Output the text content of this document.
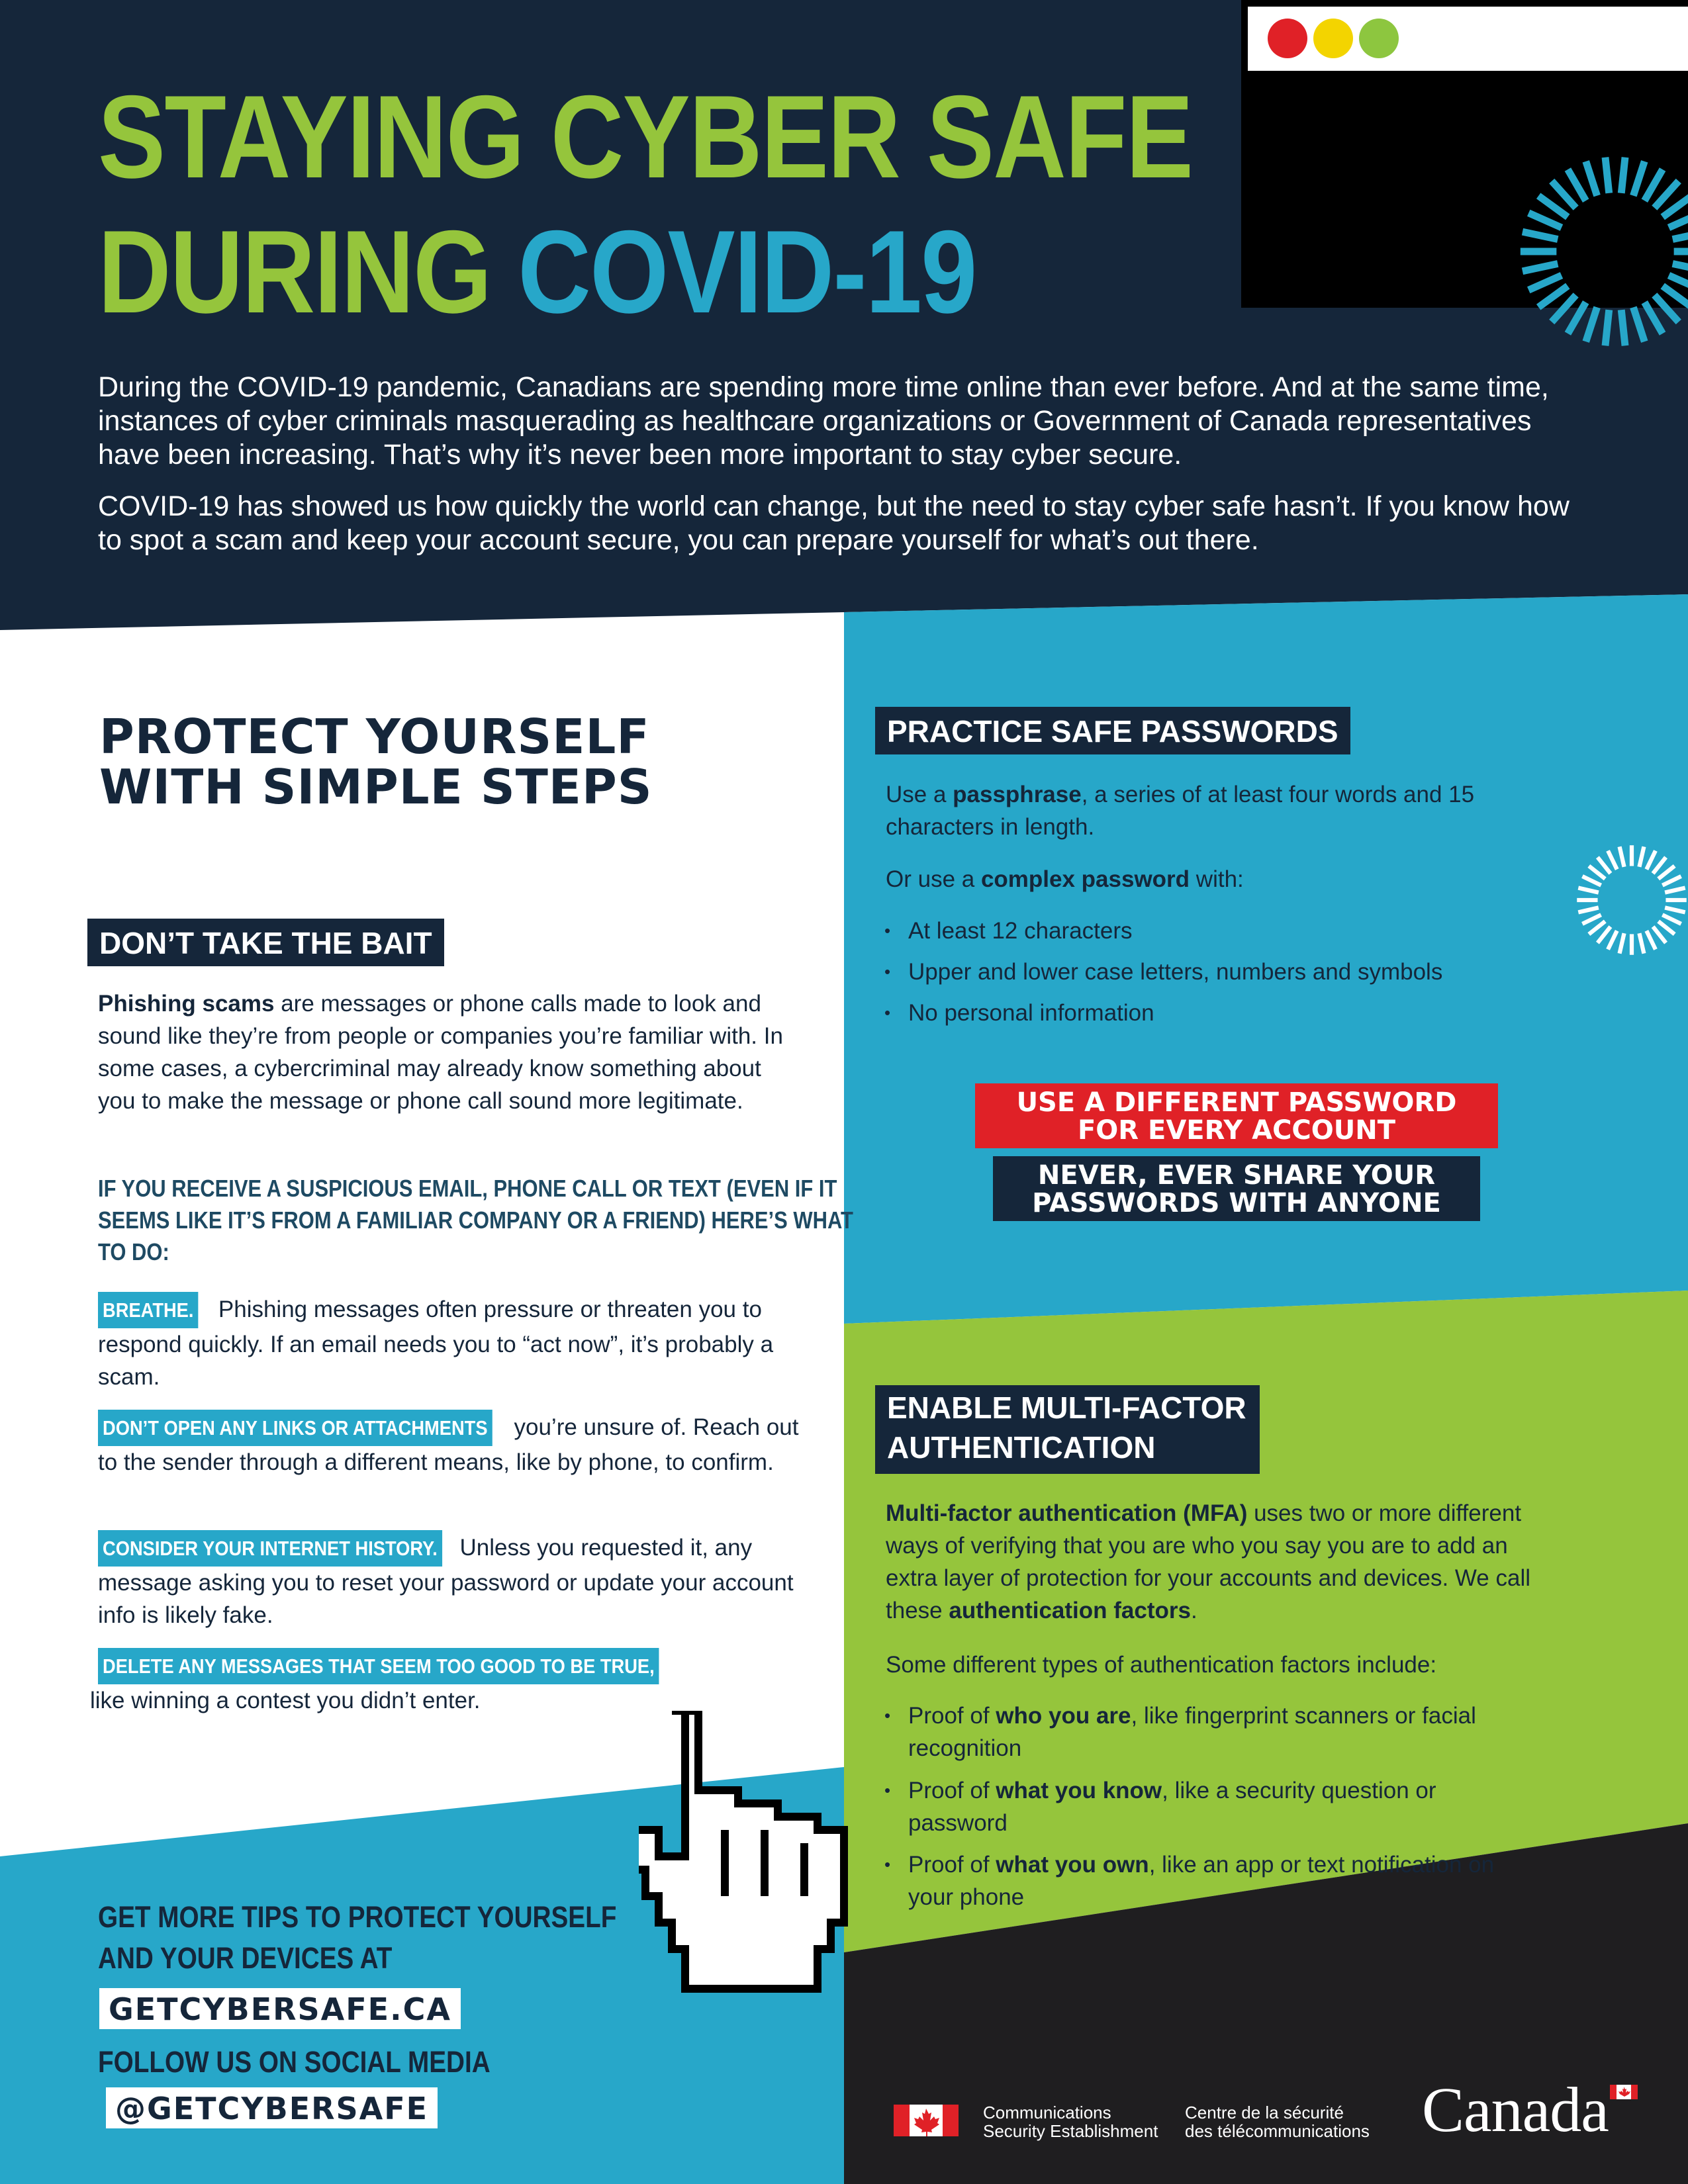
STAYING CYBER SAFE
DURING COVID-19

During the COVID-19 pandemic, Canadians are spending more time online than ever before. And at the same time, instances of cyber criminals masquerading as healthcare organizations or Government of Canada representatives have been increasing. That’s why it’s never been more important to stay cyber secure.

COVID-19 has showed us how quickly the world can change, but the need to stay cyber safe hasn’t. If you know how to spot a scam and keep your account secure, you can prepare yourself for what’s out there.

PROTECT YOURSELF WITH SIMPLE STEPS
DON’T TAKE THE BAIT

Phishing scams are messages or phone calls made to look and sound like they’re from people or companies you’re familiar with. In some cases, a cybercriminal may already know something about you to make the message or phone call sound more legitimate.

IF YOU RECEIVE A SUSPICIOUS EMAIL, PHONE CALL OR TEXT (EVEN IF IT SEEMS LIKE IT’S FROM A FAMILIAR COMPANY OR A FRIEND) HERE’S WHAT TO DO:

BREATHE. Phishing messages often pressure or threaten you to respond quickly. If an email needs you to “act now”, it’s probably a scam.

DON’T OPEN ANY LINKS OR ATTACHMENTS you’re unsure of. Reach out to the sender through a different means, like by phone, to confirm.

CONSIDER YOUR INTERNET HISTORY. Unless you requested it, any message asking you to reset your password or update your account info is likely fake.

DELETE ANY MESSAGES THAT SEEM TOO GOOD TO BE TRUE,
like winning a contest you didn’t enter.

PRACTICE SAFE PASSWORDS

Use a passphrase, a series of at least four words and 15 characters in length.

Or use a complex password with:

• At least 12 characters
• Upper and lower case letters, numbers and symbols
• No personal information
USE A DIFFERENT PASSWORD
FOR EVERY ACCOUNT
NEVER, EVER SHARE YOUR
PASSWORDS WITH ANYONE
ENABLE MULTI-FACTOR
AUTHENTICATION

Multi-factor authentication (MFA) uses two or more different ways of verifying that you are who you say you are to add an extra layer of protection for your accounts and devices. We call these authentication factors.

Some different types of authentication factors include:

• Proof of who you are, like fingerprint scanners or facial recognition
• Proof of what you know, like a security question or password
• Proof of what you own, like an app or text notification on your phone
GET MORE TIPS TO PROTECT YOURSELF
AND YOUR DEVICES AT
GETCYBERSAFE.CA
FOLLOW US ON SOCIAL MEDIA
@GETCYBERSAFE	Communications
Security Establishment
Centre de la sécurité
des télécommunications Canada
